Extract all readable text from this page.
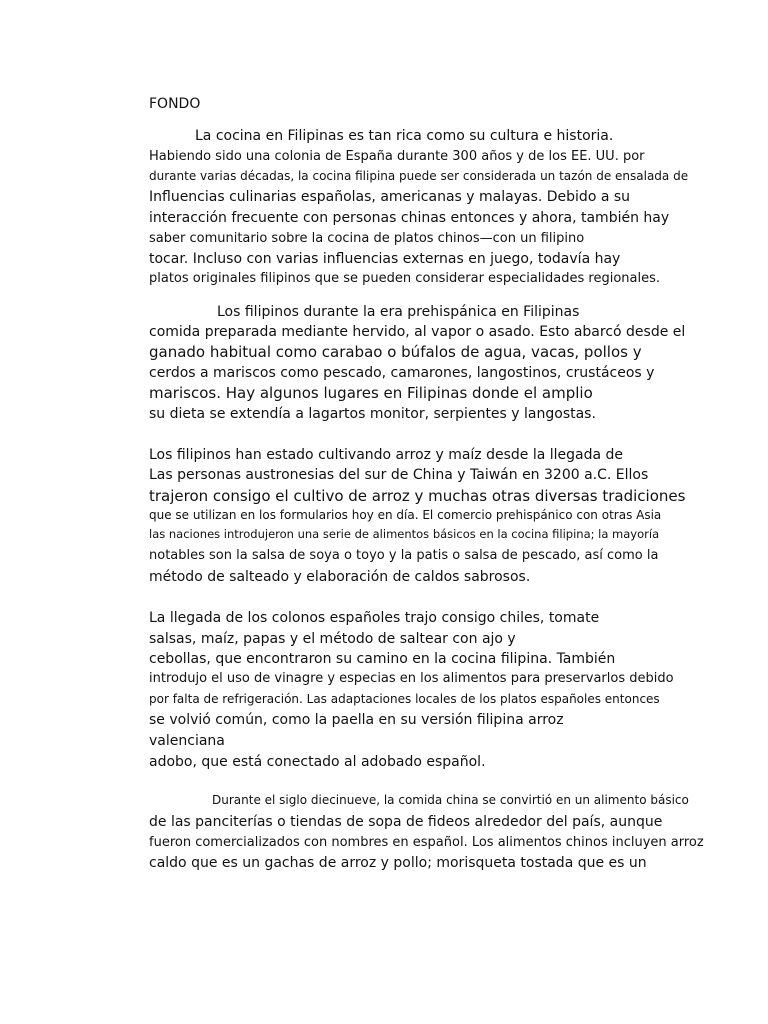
FONDO
La cocina en Filipinas es tan rica como su cultura e historia.
Habiendo sido una colonia de España durante 300 años y de los EE. UU. por
durante varias décadas, la cocina filipina puede ser considerada un tazón de ensalada de
Influencias culinarias españolas, americanas y malayas. Debido a su
interacción frecuente con personas chinas entonces y ahora, también hay
saber comunitario sobre la cocina de platos chinos—con un filipino
tocar. Incluso con varias influencias externas en juego, todavía hay
platos originales filipinos que se pueden considerar especialidades regionales.
Los filipinos durante la era prehispánica en Filipinas
comida preparada mediante hervido, al vapor o asado. Esto abarcó desde el
ganado habitual como carabao o búfalos de agua, vacas, pollos y
cerdos a mariscos como pescado, camarones, langostinos, crustáceos y
mariscos. Hay algunos lugares en Filipinas donde el amplio
su dieta se extendía a lagartos monitor, serpientes y langostas.
Los filipinos han estado cultivando arroz y maíz desde la llegada de
Las personas austronesias del sur de China y Taiwán en 3200 a.C. Ellos
trajeron consigo el cultivo de arroz y muchas otras diversas tradiciones
que se utilizan en los formularios hoy en día. El comercio prehispánico con otras Asia
las naciones introdujeron una serie de alimentos básicos en la cocina filipina; la mayoría
notables son la salsa de soya o toyo y la patis o salsa de pescado, así como la
método de salteado y elaboración de caldos sabrosos.
La llegada de los colonos españoles trajo consigo chiles, tomate
salsas, maíz, papas y el método de saltear con ajo y
cebollas, que encontraron su camino en la cocina filipina. También
introdujo el uso de vinagre y especias en los alimentos para preservarlos debido
por falta de refrigeración. Las adaptaciones locales de los platos españoles entonces
se volvió común, como la paella en su versión filipina arroz
valenciana
adobo, que está conectado al adobado español.
Durante el siglo diecinueve, la comida china se convirtió en un alimento básico
de las panciterías o tiendas de sopa de fideos alrededor del país, aunque
fueron comercializados con nombres en español. Los alimentos chinos incluyen arroz
caldo que es un gachas de arroz y pollo; morisqueta tostada que es un
